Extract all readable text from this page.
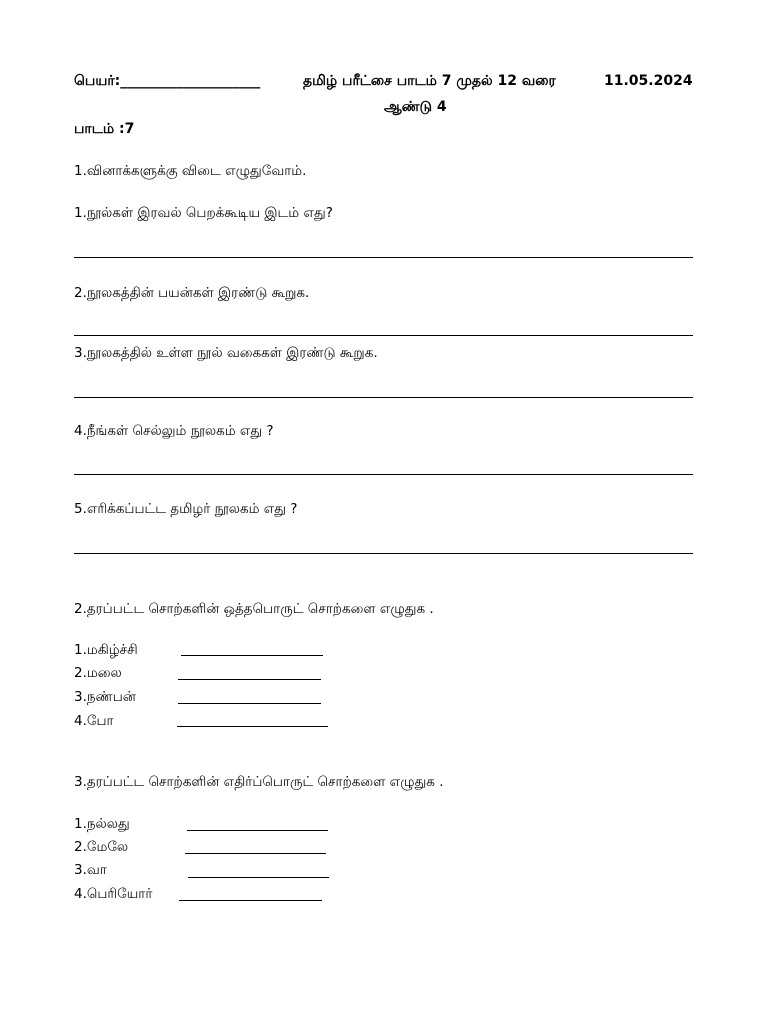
பெயர்:____________________	தமிழ் பரீட்சை பாடம் 7 முதல் 12 வரை	11.05.2024
ஆண்டு 4
பாடம் :7
1.வினாக்களுக்கு விடை எழுதுவோம்.
1.நூல்கள் இரவல் பெறக்கூடிய இடம் எது?
2.நூலகத்தின் பயன்கள் இரண்டு கூறுக.
3.நூலகத்தில் உள்ள நூல் வகைகள் இரண்டு கூறுக.
4.நீங்கள் செல்லும் நூலகம் எது ?
5.எரிக்கப்பட்ட தமிழர் நூலகம் எது ?
2.தரப்பட்ட சொற்களின் ஒத்தபொருட் சொற்களை எழுதுக .
1.மகிழ்ச்சி
2.மலை
3.நண்பன்
4.போ
3.தரப்பட்ட சொற்களின் எதிர்ப்பொருட் சொற்களை எழுதுக .
1.நல்லது
2.மேலே
3.வா
4.பெரியோர்
